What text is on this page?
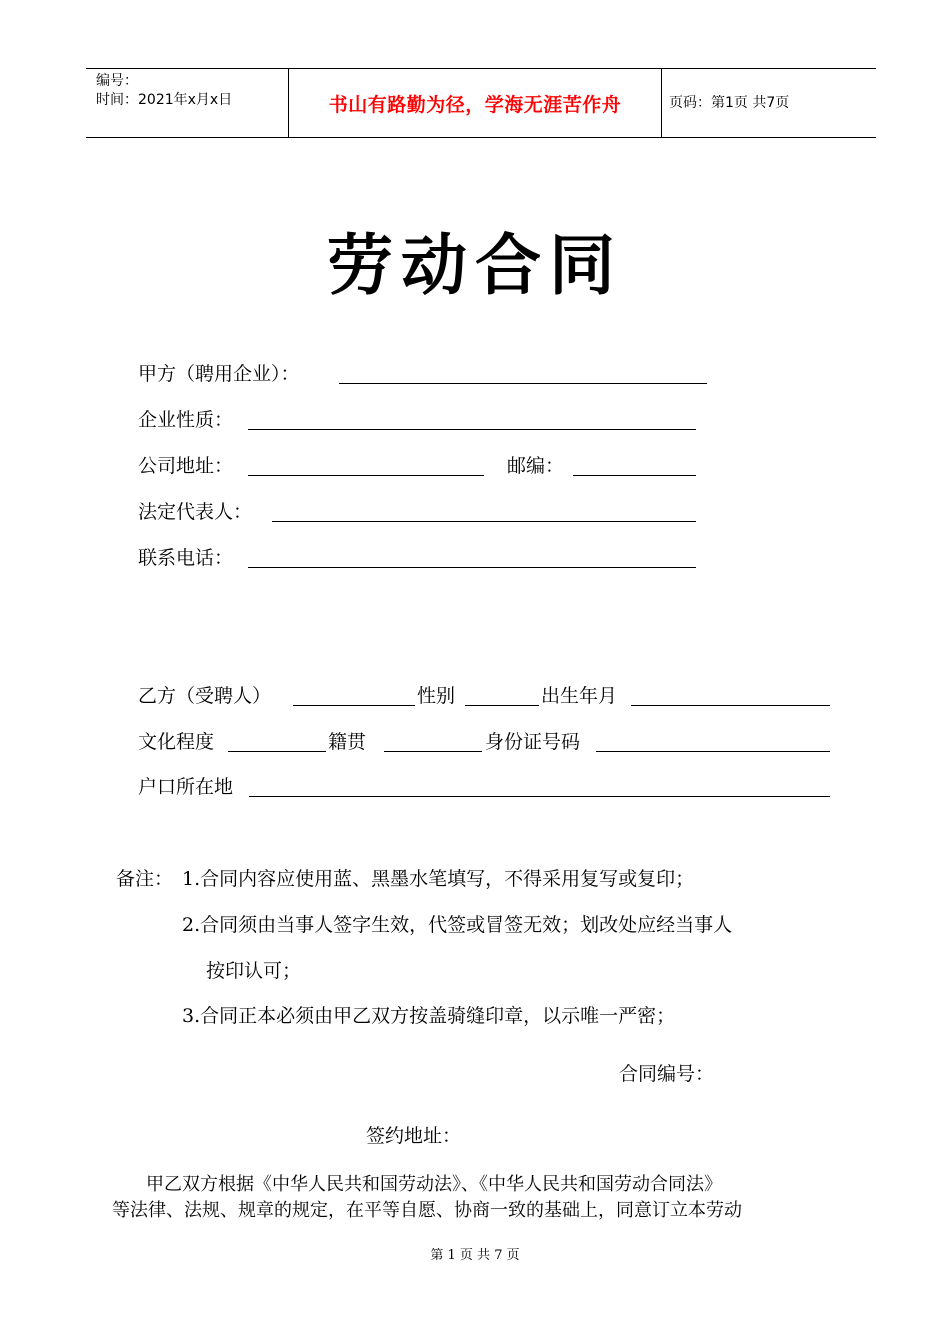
编号：
时间：2021年x月x日	书山有路勤为径，学海无涯苦作舟	页码：第1页 共7页
劳动合同
甲方（聘用企业）：
企业性质：
公司地址：	邮编：
法定代表人：
联系电话：
乙方（受聘人）	性别	出生年月
文化程度	籍贯	身份证号码
户口所在地
备注： 1.合同内容应使用蓝、黑墨水笔填写，不得采用复写或复印；
2.合同须由当事人签字生效，代签或冒签无效；划改处应经当事人
按印认可；
3.合同正本必须由甲乙双方按盖骑缝印章，以示唯一严密；
合同编号：
签约地址：
甲乙双方根据《中华人民共和国劳动法》、《中华人民共和国劳动合同法》
等法律、法规、规章的规定，在平等自愿、协商一致的基础上，同意订立本劳动
第 1 页 共 7 页
